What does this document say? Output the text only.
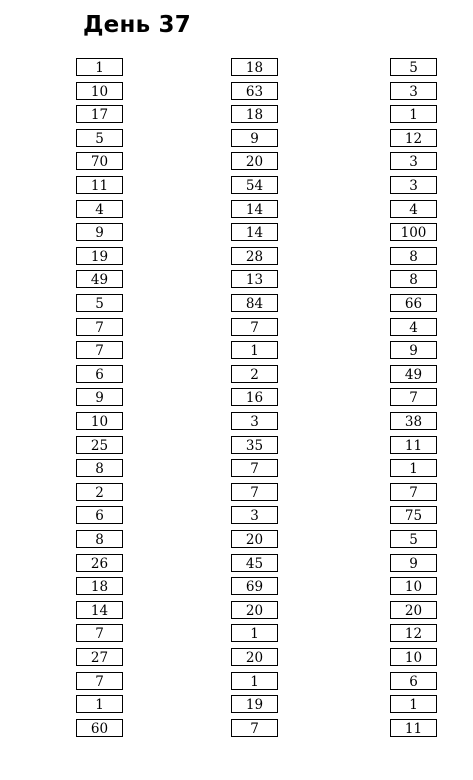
День 37
1
10
17
5
70
11
4
9
19
49
5
7
7
6
9
10
25
8
2
6
8
26
18
14
7
27
7
1
60
18
63
18
9
20
54
14
14
28
13
84
7
1
2
16
3
35
7
7
3
20
45
69
20
1
20
1
19
7
5
3
1
12
3
3
4
100
8
8
66
4
9
49
7
38
11
1
7
75
5
9
10
20
12
10
6
1
11
